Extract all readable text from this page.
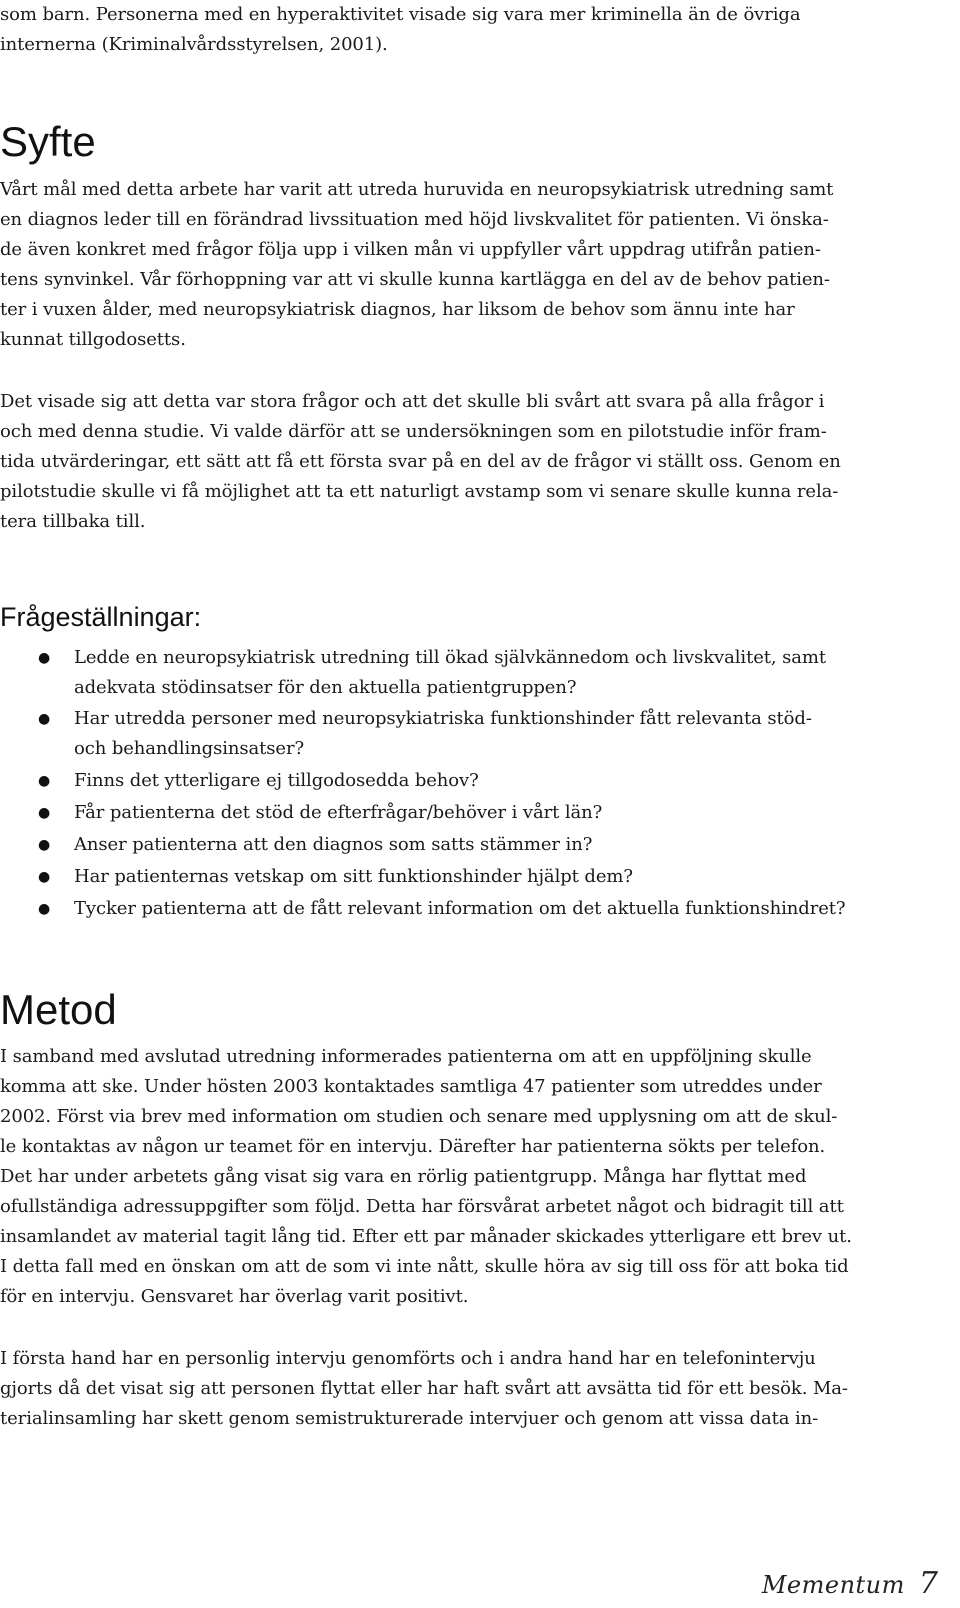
som barn. Personerna med en hyperaktivitet visade sig vara mer kriminella än de övriga
internerna (Kriminalvårdsstyrelsen, 2001).
Syfte
Vårt mål med detta arbete har varit att utreda huruvida en neuropsykiatrisk utredning samt
en diagnos leder till en förändrad livssituation med höjd livskvalitet för patienten. Vi önska-
de även konkret med frågor följa upp i vilken mån vi uppfyller vårt uppdrag utifrån patien-
tens synvinkel. Vår förhoppning var att vi skulle kunna kartlägga en del av de behov patien-
ter i vuxen ålder, med neuropsykiatrisk diagnos, har liksom de behov som ännu inte har
kunnat tillgodosetts.
Det visade sig att detta var stora frågor och att det skulle bli svårt att svara på alla frågor i
och med denna studie. Vi valde därför att se undersökningen som en pilotstudie inför fram-
tida utvärderingar, ett sätt att få ett första svar på en del av de frågor vi ställt oss. Genom en
pilotstudie skulle vi få möjlighet att ta ett naturligt avstamp som vi senare skulle kunna rela-
tera tillbaka till.
Frågeställningar:
● Ledde en neuropsykiatrisk utredning till ökad självkännedom och livskvalitet, samt
adekvata stödinsatser för den aktuella patientgruppen?
● Har utredda personer med neuropsykiatriska funktionshinder fått relevanta stöd-
och behandlingsinsatser?
● Finns det ytterligare ej tillgodosedda behov?
● Får patienterna det stöd de efterfrågar/behöver i vårt län?
● Anser patienterna att den diagnos som satts stämmer in?
● Har patienternas vetskap om sitt funktionshinder hjälpt dem?
● Tycker patienterna att de fått relevant information om det aktuella funktionshindret?
Metod
I samband med avslutad utredning informerades patienterna om att en uppföljning skulle
komma att ske. Under hösten 2003 kontaktades samtliga 47 patienter som utreddes under
2002. Först via brev med information om studien och senare med upplysning om att de skul-
le kontaktas av någon ur teamet för en intervju. Därefter har patienterna sökts per telefon.
Det har under arbetets gång visat sig vara en rörlig patientgrupp. Många har flyttat med
ofullständiga adressuppgifter som följd. Detta har försvårat arbetet något och bidragit till att
insamlandet av material tagit lång tid. Efter ett par månader skickades ytterligare ett brev ut.
I detta fall med en önskan om att de som vi inte nått, skulle höra av sig till oss för att boka tid
för en intervju. Gensvaret har överlag varit positivt.
I första hand har en personlig intervju genomförts och i andra hand har en telefonintervju
gjorts då det visat sig att personen flyttat eller har haft svårt att avsätta tid för ett besök. Ma-
terialinsamling har skett genom semistrukturerade intervjuer och genom att vissa data in-
Mementum 7
